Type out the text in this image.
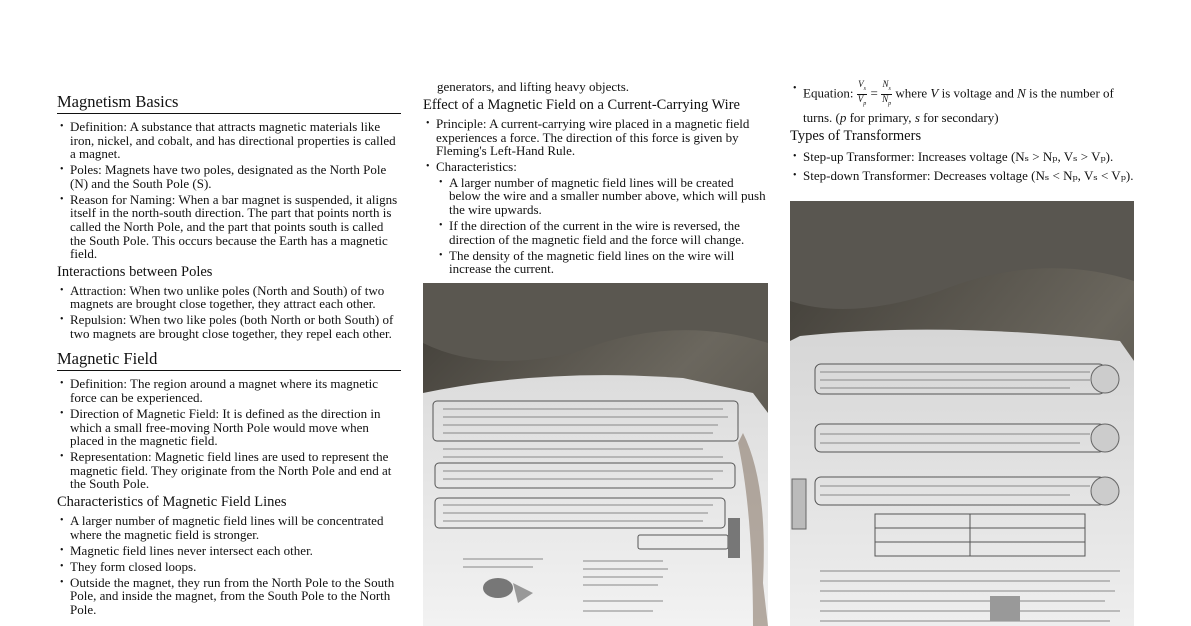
Magnetism Basics
• Definition: A substance that attracts magnetic materials like iron, nickel, and cobalt, and has directional properties is called a magnet.
• Poles: Magnets have two poles, designated as the North Pole (N) and the South Pole (S).
• Reason for Naming: When a bar magnet is suspended, it aligns itself in the north-south direction. The part that points north is called the North Pole, and the part that points south is called the South Pole. This occurs because the Earth has a magnetic field.
Interactions between Poles
• Attraction: When two unlike poles (North and South) of two magnets are brought close together, they attract each other.
• Repulsion: When two like poles (both North or both South) of two magnets are brought close together, they repel each other.
Magnetic Field
• Definition: The region around a magnet where its magnetic force can be experienced.
• Direction of Magnetic Field: It is defined as the direction in which a small free-moving North Pole would move when placed in the magnetic field.
• Representation: Magnetic field lines are used to represent the magnetic field. They originate from the North Pole and end at the South Pole.
Characteristics of Magnetic Field Lines
• A larger number of magnetic field lines will be concentrated where the magnetic field is stronger.
• Magnetic field lines never intersect each other.
• They form closed loops.
• Outside the magnet, they run from the North Pole to the South Pole, and inside the magnet, from the South Pole to the North Pole.
generators, and lifting heavy objects.
Effect of a Magnetic Field on a Current-Carrying Wire
• Principle: A current-carrying wire placed in a magnetic field experiences a force. The direction of this force is given by Fleming's Left-Hand Rule.
• Characteristics:
• A larger number of magnetic field lines will be created below the wire and a smaller number above, which will push the wire upwards.
• If the direction of the current in the wire is reversed, the direction of the magnetic field and the force will change.
• The density of the magnetic field lines on the wire will increase the current.
• Equation: $\frac{V_s}{V_p} = \frac{N_s}{N_p}$ where V is voltage and N is the number of turns. (p for primary, s for secondary)
Types of Transformers
• Step-up Transformer: Increases voltage (Nₛ > Nₚ, Vₛ > Vₚ).
• Step-down Transformer: Decreases voltage (Nₛ < Nₚ, Vₛ < Vₚ).
